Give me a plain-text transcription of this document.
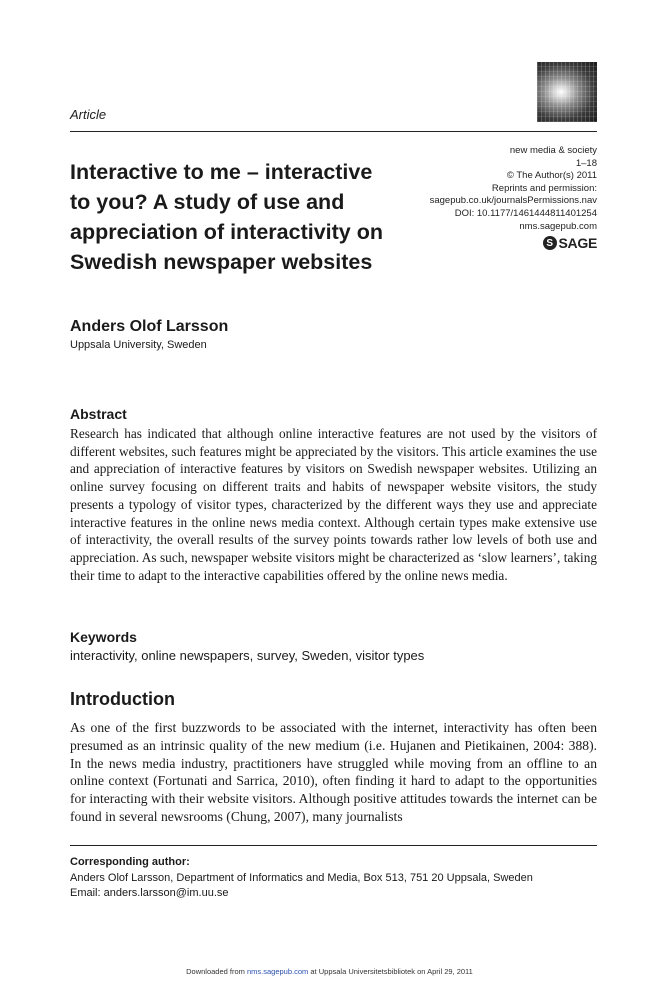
Article
new media & society
1–18
© The Author(s) 2011
Reprints and permission:
sagepub.co.uk/journalsPermissions.nav
DOI: 10.1177/1461444811401254
nms.sagepub.com
S SAGE
Interactive to me – interactive
to you? A study of use and
appreciation of interactivity on
Swedish newspaper websites
Anders Olof Larsson
Uppsala University, Sweden
Abstract
Research has indicated that although online interactive features are not used by the visitors of different websites, such features might be appreciated by the visitors. This article examines the use and appreciation of interactive features by visitors on Swedish newspaper websites. Utilizing an online survey focusing on different traits and habits of newspaper website visitors, the study presents a typology of visitor types, characterized by the different ways they use and appreciate interactive features in the online news media context. Although certain types make extensive use of interactivity, the overall results of the survey points towards rather low levels of both use and appreciation. As such, newspaper website visitors might be characterized as ‘slow learners’, taking their time to adapt to the interactive capabilities offered by the online news media.
Keywords
interactivity, online newspapers, survey, Sweden, visitor types
Introduction
As one of the first buzzwords to be associated with the internet, interactivity has often been presumed as an intrinsic quality of the new medium (i.e. Hujanen and Pietikainen, 2004: 388). In the news media industry, practitioners have struggled while moving from an offline to an online context (Fortunati and Sarrica, 2010), often finding it hard to adapt to the opportunities for interacting with their website visitors. Although positive attitudes towards the internet can be found in several newsrooms (Chung, 2007), many journalists
Corresponding author:
Anders Olof Larsson, Department of Informatics and Media, Box 513, 751 20 Uppsala, Sweden
Email: anders.larsson@im.uu.se
Downloaded from nms.sagepub.com at Uppsala Universitetsbibliotek on April 29, 2011
